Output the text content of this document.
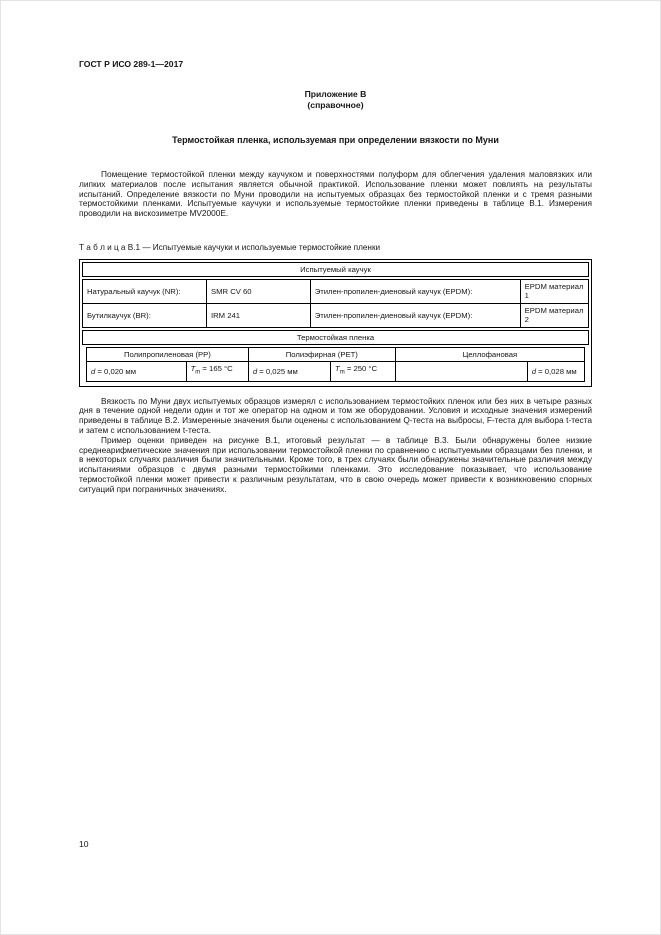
ГОСТ Р ИСО 289-1—2017
Приложение В
(справочное)
Термостойкая пленка, используемая при определении вязкости по Муни
Помещение термостойкой пленки между каучуком и поверхностями полуформ для облегчения удаления маловязких или липких материалов после испытания является обычной практикой. Использование пленки может повлиять на результаты испытаний. Определение вязкости по Муни проводили на испытуемых образцах без термостойкой пленки и с тремя разными термостойкими пленками. Испытуемые каучуки и используемые термостойкие пленки приведены в таблице В.1. Измерения проводили на вискозиметре MV2000E.
Т а б л и ц а В.1 — Испытуемые каучуки и используемые термостойкие пленки
Испытуемый каучук
Натуральный каучук (NR):	SMR CV 60	Этилен-пропилен-диеновый каучук (EPDM):	EPDM материал 1
Бутилкаучук (BR):	IRM 241	Этилен-пропилен-диеновый каучук (EPDM):	EPDM материал 2
Термостойкая пленка
Полипропиленовая (PP)		Полиэфирная (PET)		Целлофановая	
d = 0,020 мм	$T_m = 165$ °C	d = 0,025 мм	$T_m = 250$ °C		d = 0,028 мм
Вязкость по Муни двух испытуемых образцов измерял с использованием термостойких пленок или без них в четыре разных дня в течение одной недели один и тот же оператор на одном и том же оборудовании. Условия и исходные значения измерений приведены в таблице В.2. Измеренные значения были оценены с использованием Q-теста на выбросы, F-теста для выбора t-теста и затем с использованием t-теста.
Пример оценки приведен на рисунке В.1, итоговый результат — в таблице В.3. Были обнаружены более низкие среднеарифметические значения при использовании термостойкой пленки по сравнению с испытуемыми образцами без пленки, и в некоторых случаях различия были значительными. Кроме того, в трех случаях были обнаружены значительные различия между испытаниями образцов с двумя разными термостойкими пленками. Это исследование показывает, что использование термостойкой пленки может привести к различным результатам, что в свою очередь может привести к возникновению спорных ситуаций при пограничных значениях.
10
